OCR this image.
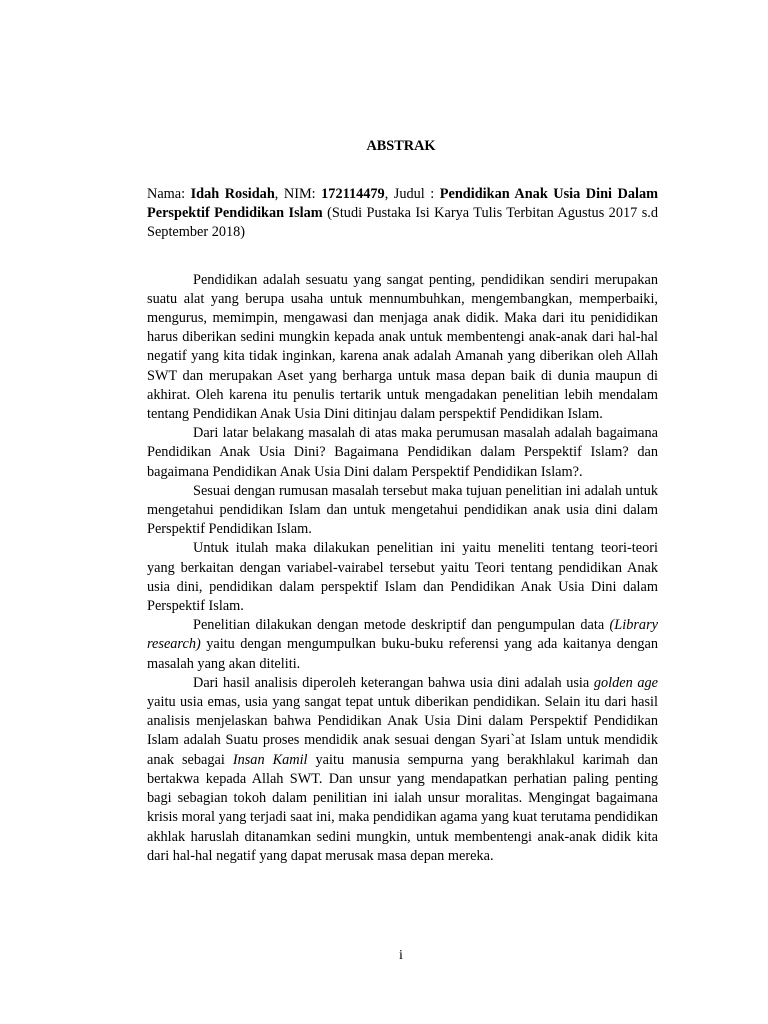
ABSTRAK

Nama: Idah Rosidah, NIM: 172114479, Judul : Pendidikan Anak Usia Dini Dalam Perspektif Pendidikan Islam (Studi Pustaka Isi Karya Tulis Terbitan Agustus 2017 s.d September 2018)

Pendidikan adalah sesuatu yang sangat penting, pendidikan sendiri merupakan suatu alat yang berupa usaha untuk mennumbuhkan, mengembangkan, memperbaiki, mengurus, memimpin, mengawasi dan menjaga anak didik. Maka dari itu penididikan harus diberikan sedini mungkin kepada anak untuk membentengi anak-anak dari hal-hal negatif yang kita tidak inginkan, karena anak adalah Amanah yang diberikan oleh Allah SWT dan merupakan Aset yang berharga untuk masa depan baik di dunia maupun di akhirat. Oleh karena itu penulis tertarik untuk mengadakan penelitian lebih mendalam tentang Pendidikan Anak Usia Dini ditinjau dalam perspektif Pendidikan Islam.

Dari latar belakang masalah di atas maka perumusan masalah adalah bagaimana Pendidikan Anak Usia Dini? Bagaimana Pendidikan dalam Perspektif Islam? dan bagaimana Pendidikan Anak Usia Dini dalam Perspektif Pendidikan Islam?.

Sesuai dengan rumusan masalah tersebut maka tujuan penelitian ini adalah untuk mengetahui pendidikan Islam dan untuk mengetahui pendidikan anak usia dini dalam Perspektif Pendidikan Islam.

Untuk itulah maka dilakukan penelitian ini yaitu meneliti tentang teori-teori yang berkaitan dengan variabel-vairabel tersebut yaitu Teori tentang pendidikan Anak usia dini, pendidikan dalam perspektif Islam dan Pendidikan Anak Usia Dini dalam Perspektif Islam.

Penelitian dilakukan dengan metode deskriptif dan pengumpulan data (Library research) yaitu dengan mengumpulkan buku-buku referensi yang ada kaitanya dengan masalah yang akan diteliti.

Dari hasil analisis diperoleh keterangan bahwa usia dini adalah usia golden age yaitu usia emas, usia yang sangat tepat untuk diberikan pendidikan. Selain itu dari hasil analisis menjelaskan bahwa Pendidikan Anak Usia Dini dalam Perspektif Pendidikan Islam adalah Suatu proses mendidik anak sesuai dengan Syari`at Islam untuk mendidik anak sebagai Insan Kamil yaitu manusia sempurna yang berakhlakul karimah dan bertakwa kepada Allah SWT. Dan unsur yang mendapatkan perhatian paling penting bagi sebagian tokoh dalam penilitian ini ialah unsur moralitas. Mengingat bagaimana krisis moral yang terjadi saat ini, maka pendidikan agama yang kuat terutama pendidikan akhlak haruslah ditanamkan sedini mungkin, untuk membentengi anak-anak didik kita dari hal-hal negatif yang dapat merusak masa depan mereka.

i
